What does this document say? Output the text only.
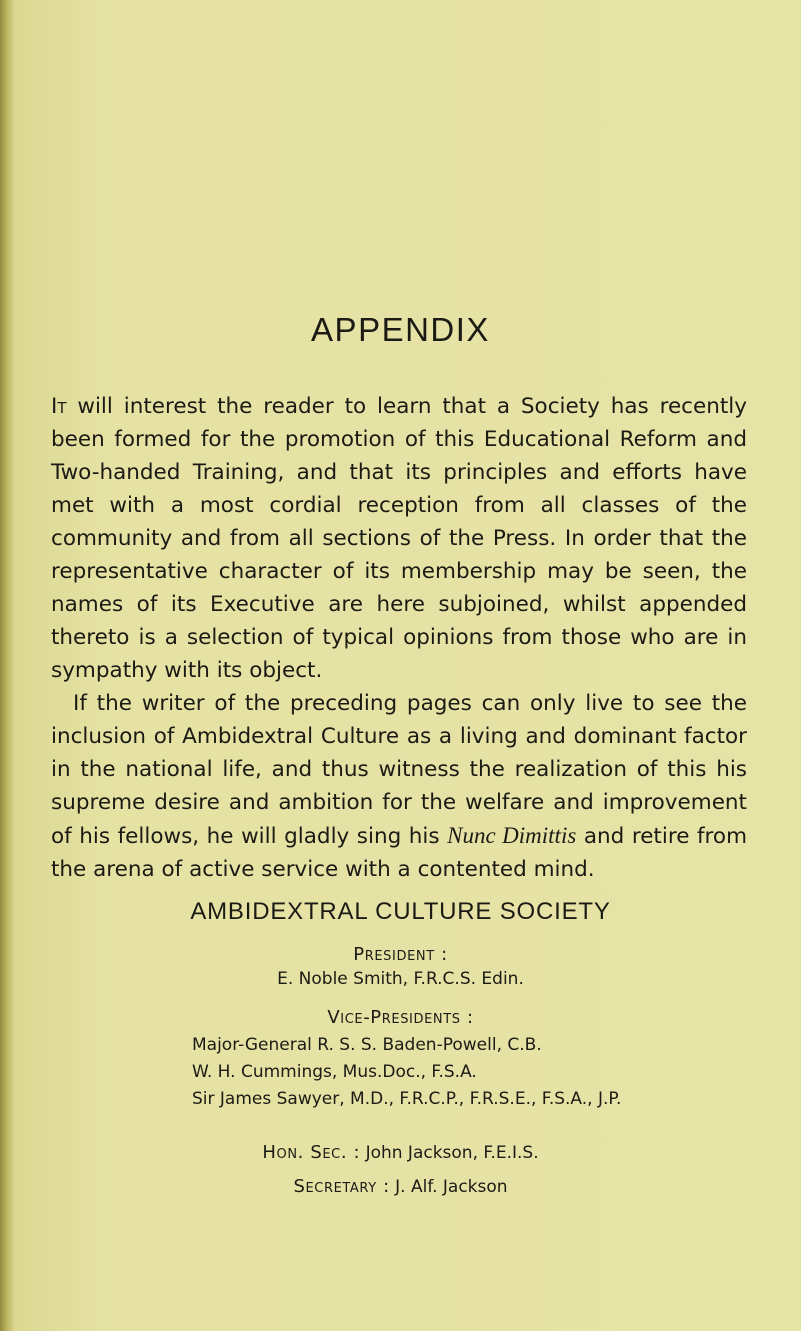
APPENDIX

It will interest the reader to learn that a Society has recently been formed for the promotion of this Educational Reform and Two-handed Training, and that its principles and efforts have met with a most cordial reception from all classes of the community and from all sections of the Press. In order that the representative character of its membership may be seen, the names of its Executive are here subjoined, whilst appended thereto is a selection of typical opinions from those who are in sympathy with its object.

If the writer of the preceding pages can only live to see the inclusion of Ambidextral Culture as a living and dominant factor in the national life, and thus witness the realization of this his supreme desire and ambition for the welfare and improvement of his fellows, he will gladly sing his Nunc Dimittis and retire from the arena of active service with a contented mind.

AMBIDEXTRAL CULTURE SOCIETY
President :
E. Noble Smith, F.R.C.S. Edin.
Vice-Presidents :
Major-General R. S. S. Baden-Powell, C.B.
W. H. Cummings, Mus.Doc., F.S.A.
Sir James Sawyer, M.D., F.R.C.P., F.R.S.E., F.S.A., J.P.
Hon. Sec. : John Jackson, F.E.I.S.
Secretary : J. Alf. Jackson
